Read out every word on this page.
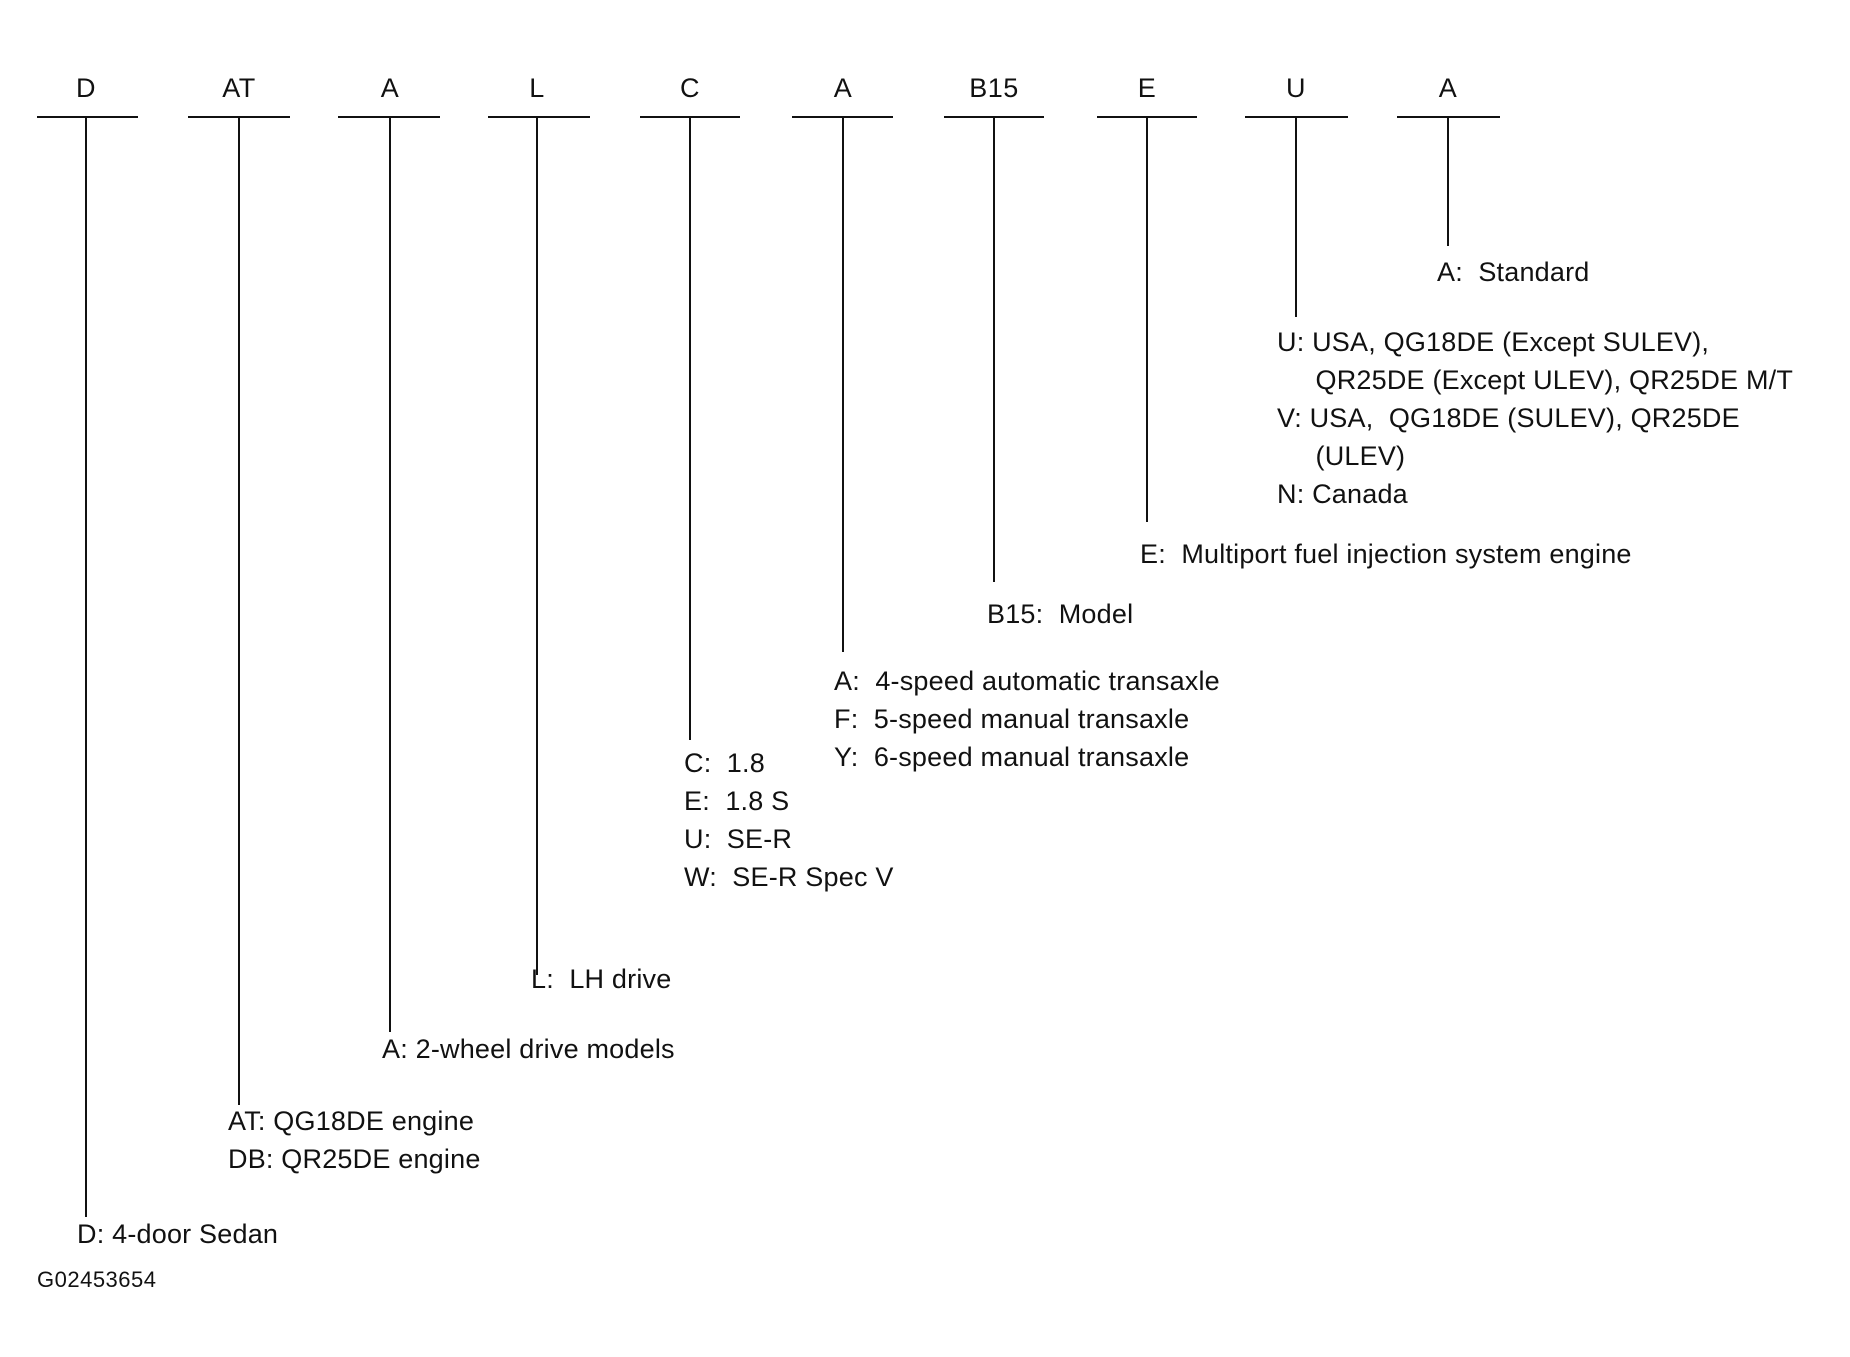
D
D: 4-door Sedan
AT
AT: QG18DE engine
DB: QR25DE engine
A
A: 2-wheel drive models
L
L:  LH drive
C
C:  1.8
E:  1.8 S
U:  SE-R
W:  SE-R Spec V
A
A:  4-speed automatic transaxle
F:  5-speed manual transaxle
Y:  6-speed manual transaxle
B15
B15:  Model
E
E:  Multiport fuel injection system engine
U
U: USA, QG18DE (Except SULEV),
QR25DE (Except ULEV), QR25DE M/T
V: USA,  QG18DE (SULEV), QR25DE
(ULEV)
N: Canada
A
A:  Standard
G02453654
